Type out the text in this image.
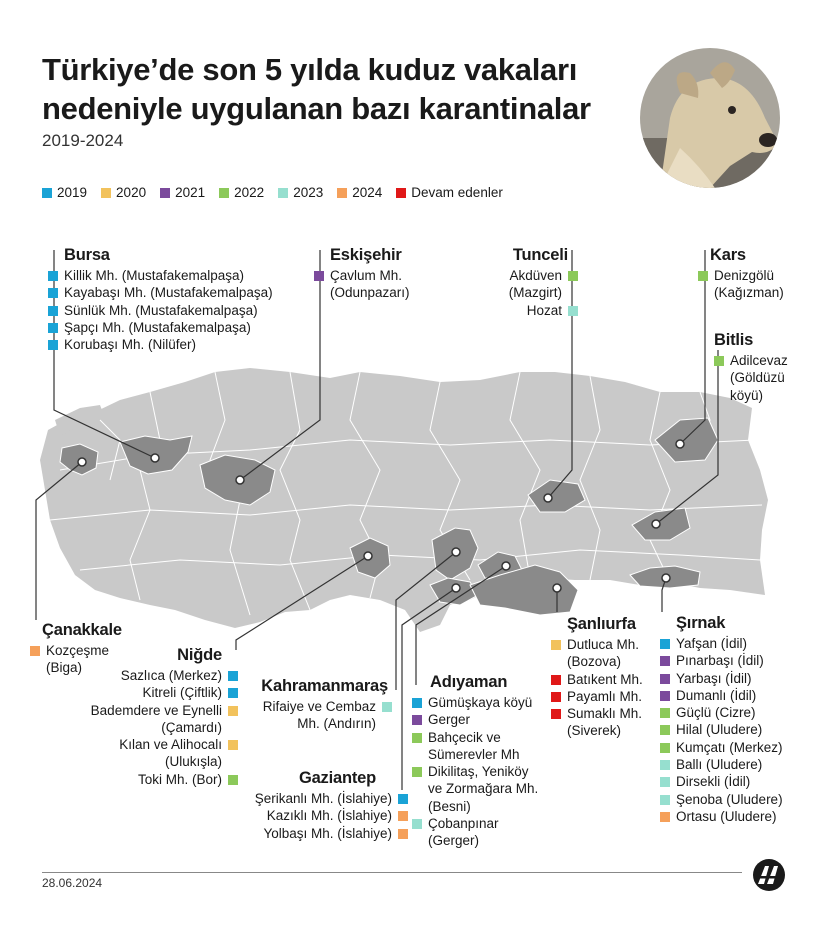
Türkiye’de son 5 yılda kuduz vakaları nedeniyle uygulanan bazı karantinalar
2019-2024
2019 2020 2021 2022 2023 2024 Devam edenler
Bursa
Killik Mh. (Mustafakemalpaşa)
Kayabaşı Mh. (Mustafakemalpaşa)
Sünlük Mh. (Mustafakemalpaşa)
Şapçı Mh. (Mustafakemalpaşa)
Korubaşı Mh. (Nilüfer)
Eskişehir
Çavlum Mh.
(Odunpazarı)
Tunceli
Akdüven
(Mazgirt)
Hozat
Kars
Denizgölü
(Kağızman)
Bitlis
Adilcevaz
(Göldüzü
köyü)
Çanakkale
Kozçeşme
(Biga)
Niğde
Sazlıca (Merkez)
Kitreli (Çiftlik)
Bademdere ve Eynelli
(Çamardı)
Kılan ve Alihocalı
(Ulukışla)
Toki Mh. (Bor)
Kahramanmaraş
Rifaiye ve Cembaz
Mh. (Andırın)
Gaziantep
Şerikanlı Mh. (İslahiye)
Kazıklı Mh. (İslahiye)
Yolbaşı Mh. (İslahiye)
Adıyaman
Gümüşkaya köyü
Gerger
Bahçecik ve
Sümerevler Mh
Dikilitaş, Yeniköy
ve Zormağara Mh.
(Besni)
Çobanpınar
(Gerger)
Şanlıurfa
Dutluca Mh.
(Bozova)
Batıkent Mh.
Payamlı Mh.
Sumaklı Mh.
(Siverek)
Şırnak
Yafşan (İdil)
Pınarbaşı (İdil)
Yarbaşı (İdil)
Dumanlı (İdil)
Güçlü (Cizre)
Hilal (Uludere)
Kumçatı (Merkez)
Ballı (Uludere)
Dirsekli (İdil)
Şenoba (Uludere)
Ortasu (Uludere)
28.06.2024
